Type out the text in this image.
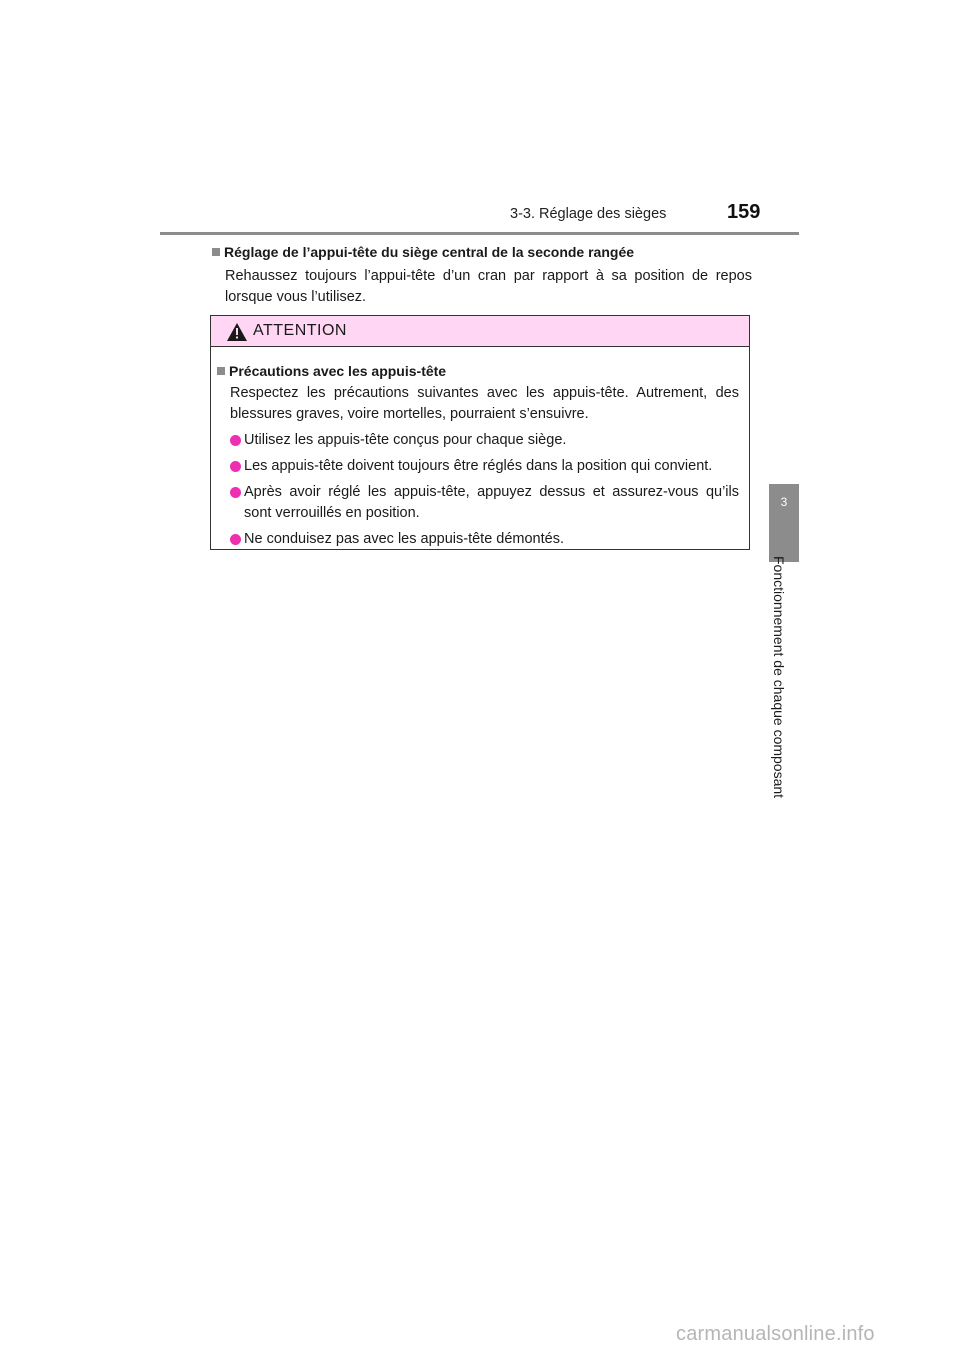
3-3. Réglage des sièges	159
3
Fonctionnement de chaque composant

Réglage de l’appui-tête du siège central de la seconde rangée

Rehaussez toujours l’appui-tête d’un cran par rapport à sa position de repos lorsque vous l’utilisez.
ATTENTION

Précautions avec les appuis-tête

Respectez les précautions suivantes avec les appuis-tête. Autrement, des blessures graves, voire mortelles, pourraient s’ensuivre.
Utilisez les appuis-tête conçus pour chaque siège.
Les appuis-tête doivent toujours être réglés dans la position qui convient.
Après avoir réglé les appuis-tête, appuyez dessus et assurez-vous qu’ils sont verrouillés en position.
Ne conduisez pas avec les appuis-tête démontés.
carmanualsonline.info
